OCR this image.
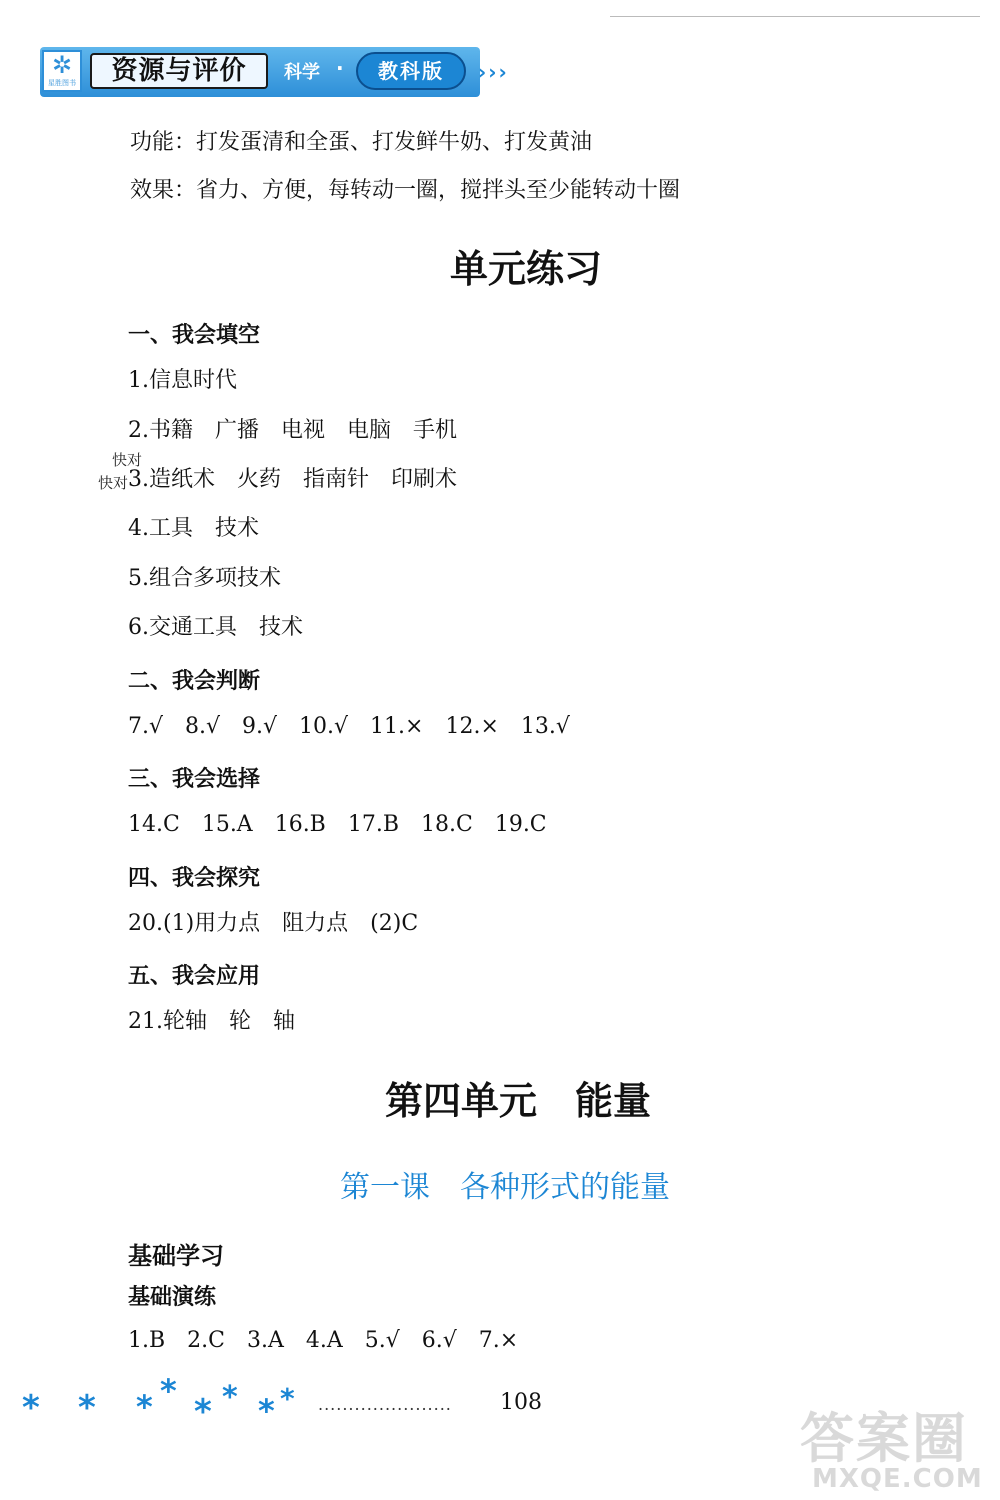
✲
星胜图书	资源与评价	科学 ·	教科版	›››
功能：打发蛋清和全蛋、打发鲜牛奶、打发黄油
效果：省力、方便，每转动一圈，搅拌头至少能转动十圈
单元练习
一、我会填空
1.信息时代
2.书籍　广播　电视　电脑　手机
快对
快对 3.造纸术　火药　指南针　印刷术
4.工具　技术
5.组合多项技术
6.交通工具　技术
二、我会判断
7.√　8.√　9.√　10.√　11.×　12.×　13.√
三、我会选择
14.C　15.A　16.B　17.B　18.C　19.C
四、我会探究
20.(1)用力点　阻力点　(2)C
五、我会应用
21.轮轴　轮　轴
第四单元　能量
第一课　各种形式的能量
基础学习
基础演练
1.B　2.C　3.A　4.A　5.√　6.√　7.×
* * * *
* * * * ...................... 108
答案圈
MXQE.COM
